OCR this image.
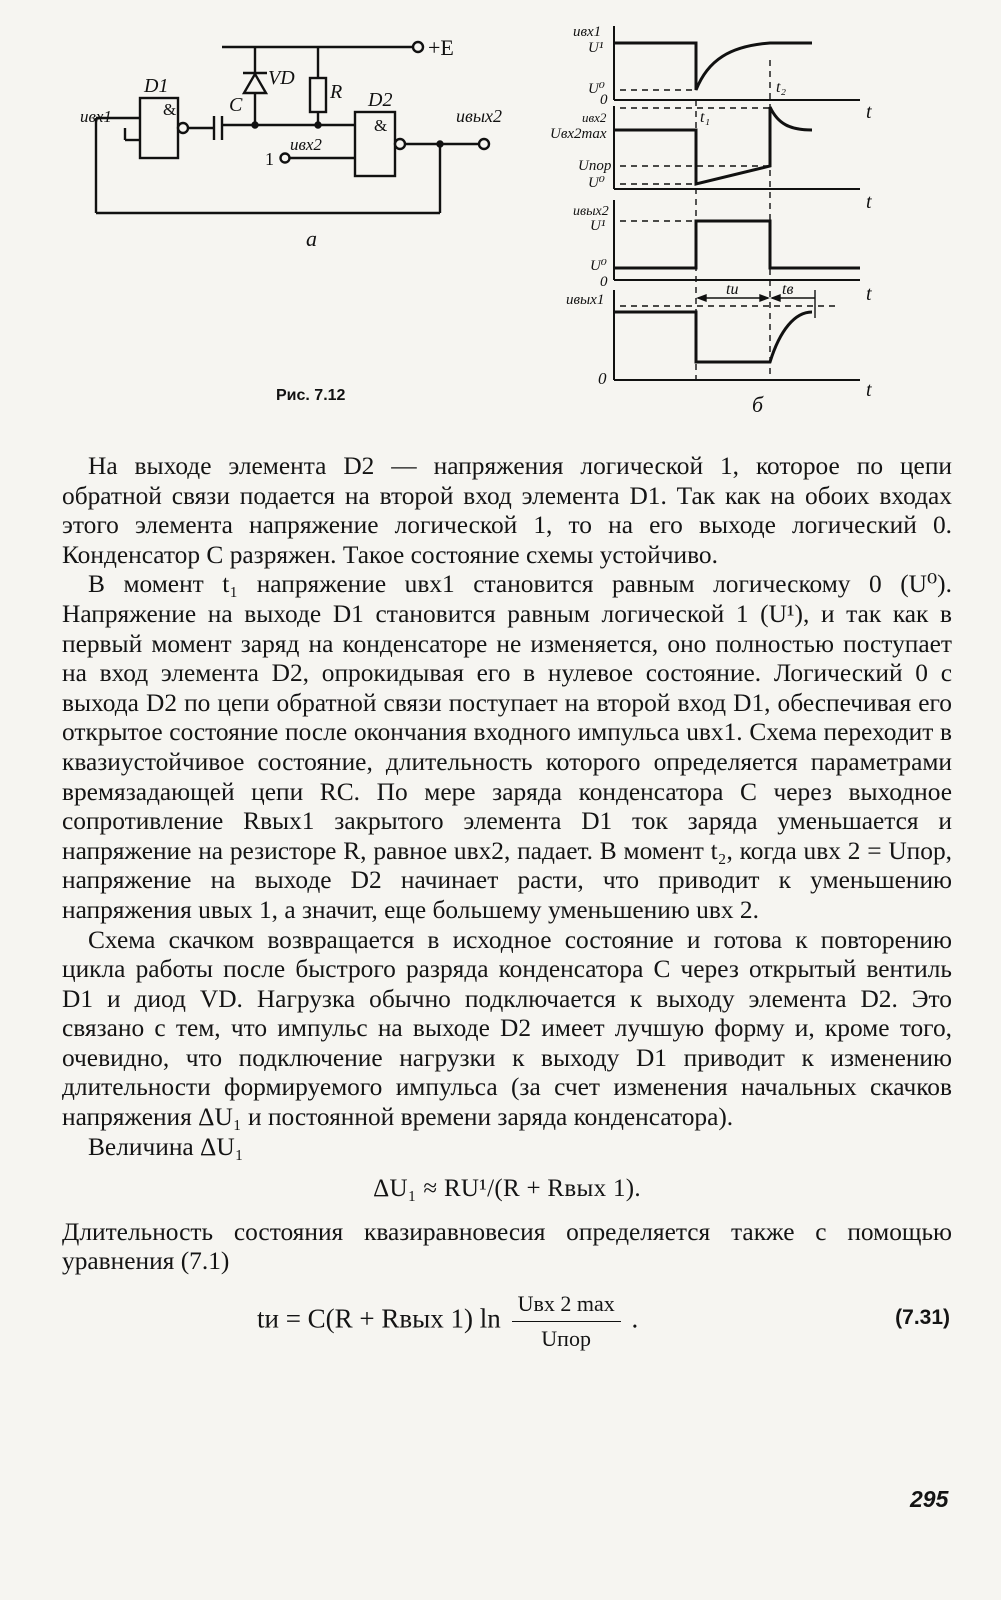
+E
VD
R
C
D1
&	D2
&
uвх1
uвх2
1
uвых2
а
Рис. 7.12
uвх1
U¹
U⁰
0
t₂
t
t₁
uвх2
Uвх2max
Uпор
U⁰
t
uвых2
U¹
U⁰
0
t
uвых1
tи	tв
0
t
б

На выходе элемента D2 — напряжения логической 1, которое по цепи обратной связи подается на второй вход элемента D1. Так как на обоих входах этого элемента напряжение логической 1, то на его выходе логический 0. Конденсатор C разряжен. Такое состояние схемы устойчиво.

В момент t₁ напряжение uвх1 становится равным логическому 0 (U⁰). Напряжение на выходе D1 становится равным логической 1 (U¹), и так как в первый момент заряд на конденсаторе не изменяется, оно полностью поступает на вход элемента D2, опрокидывая его в нулевое состояние. Логический 0 с выхода D2 по цепи обратной связи поступает на второй вход D1, обеспечивая его открытое состояние после окончания входного импульса uвх1. Схема переходит в квазиустойчивое состояние, длительность которого определяется параметрами времязадающей цепи RC. По мере заряда конденсатора C через выходное сопротивление Rвых1 закрытого элемента D1 ток заряда уменьшается и напряжение на резисторе R, равное uвх2, падает. В момент t₂, когда uвх 2 = Uпор, напряжение на выходе D2 начинает расти, что приводит к уменьшению напряжения uвых 1, а значит, еще большему уменьшению uвх 2.

Схема скачком возвращается в исходное состояние и готова к повторению цикла работы после быстрого разряда конденсатора C через открытый вентиль D1 и диод VD. Нагрузка обычно подключается к выходу элемента D2. Это связано с тем, что импульс на выходе D2 имеет лучшую форму и, кроме того, очевидно, что подключение нагрузки к выходу D1 приводит к изменению длительности формируемого импульса (за счет изменения начальных скачков напряжения ΔU₁ и постоянной времени заряда конденсатора).

Величина ΔU₁

ΔU₁ ≈ RU¹/(R + Rвых 1).

Длительность состояния квазиравновесия определяется также с помощью уравнения (7.1)

tи = C(R + Rвых 1) $\ln \frac{\text{Uвх 2 max}}{\text{Uпор}}$ .	(7.31)
295
